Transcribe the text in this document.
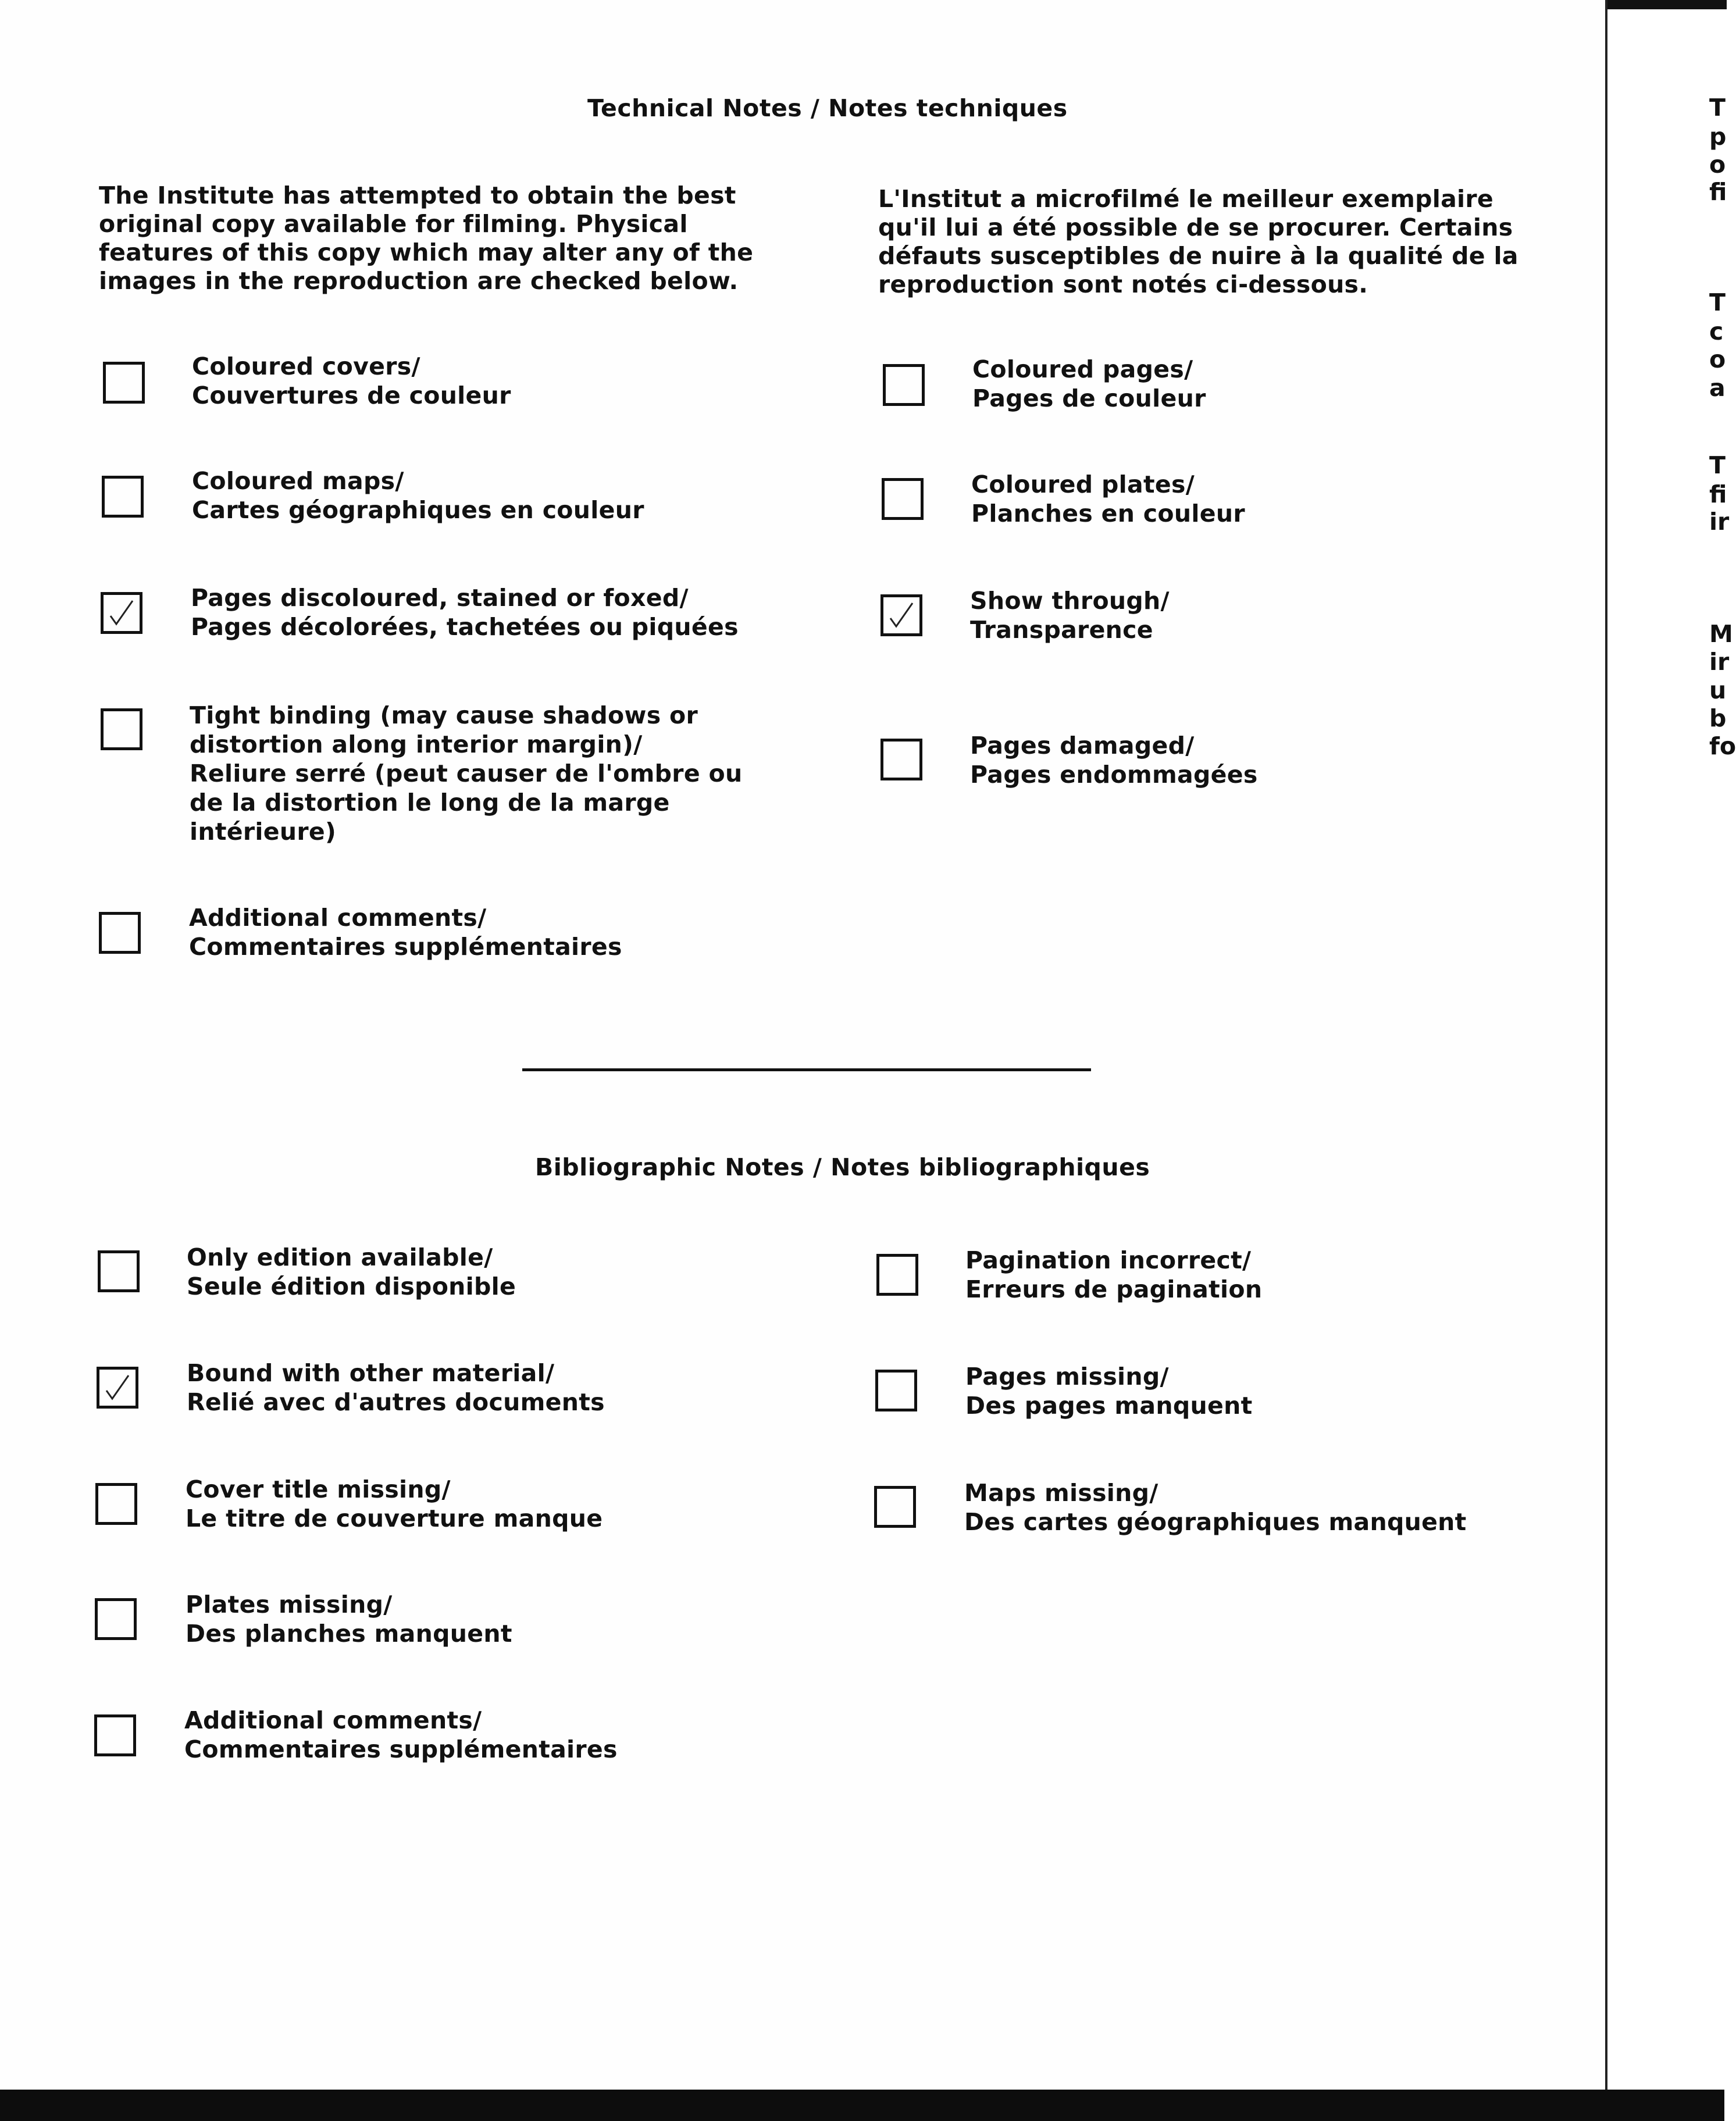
Technical Notes / Notes techniques
The Institute has attempted to obtain the best
original copy available for filming. Physical
features of this copy which may alter any of the
images in the reproduction are checked below.
L'Institut a microfilmé le meilleur exemplaire
qu'il lui a été possible de se procurer. Certains
défauts susceptibles de nuire à la qualité de la
reproduction sont notés ci-dessous.
Coloured covers/
Couvertures de couleur
Coloured maps/
Cartes géographiques en couleur
Pages discoloured, stained or foxed/
Pages décolorées, tachetées ou piquées
Tight binding (may cause shadows or
distortion along interior margin)/
Reliure serré (peut causer de l'ombre ou
de la distortion le long de la marge
intérieure)
Additional comments/
Commentaires supplémentaires
Coloured pages/
Pages de couleur
Coloured plates/
Planches en couleur
Show through/
Transparence
Pages damaged/
Pages endommagées
Bibliographic Notes / Notes bibliographiques
Only edition available/
Seule édition disponible
Bound with other material/
Relié avec d'autres documents
Cover title missing/
Le titre de couverture manque
Plates missing/
Des planches manquent
Additional comments/
Commentaires supplémentaires
Pagination incorrect/
Erreurs de pagination
Pages missing/
Des pages manquent
Maps missing/
Des cartes géographiques manquent
T
p
o
fi
T
c
o
a
T
fi
ir
M
ir
u
b
fo
